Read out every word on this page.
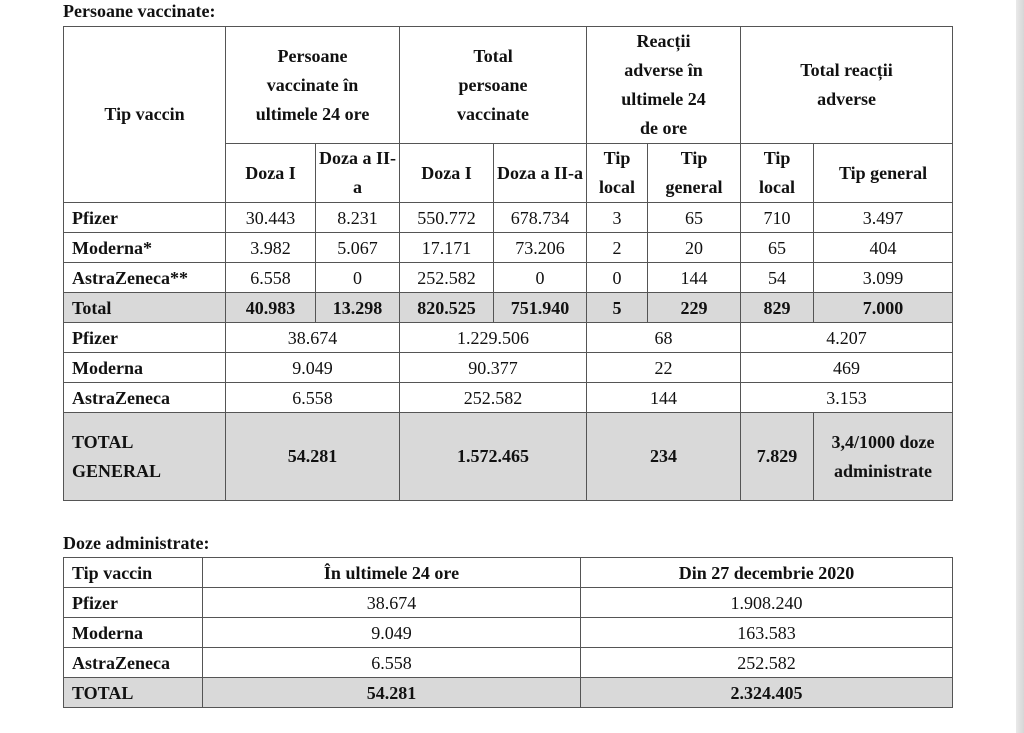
Persoane vaccinate:
Tip vaccin	Persoane vaccinate în ultimele 24 ore		Total persoane vaccinate		Reacții adverse în ultimele 24 de ore		Total reacții adverse	
	Doza I	Doza a II-a	Doza I	Doza a II-a	Tip local	Tip general	Tip local	Tip general
Pfizer	30.443	8.231	550.772	678.734	3	65	710	3.497
Moderna*	3.982	5.067	17.171	73.206	2	20	65	404
AstraZeneca**	6.558	0	252.582	0	0	144	54	3.099
Total	40.983	13.298	820.525	751.940	5	229	829	7.000
Pfizer	38.674		1.229.506		68		4.207	
Moderna	9.049		90.377		22		469	
AstraZeneca	6.558		252.582		144		3.153	
TOTAL GENERAL	54.281		1.572.465		234		7.829	3,4/1000 doze administrate
Doze administrate:
Tip vaccin	În ultimele 24 ore	Din 27 decembrie 2020
Pfizer	38.674	1.908.240
Moderna	9.049	163.583
AstraZeneca	6.558	252.582
TOTAL	54.281	2.324.405
